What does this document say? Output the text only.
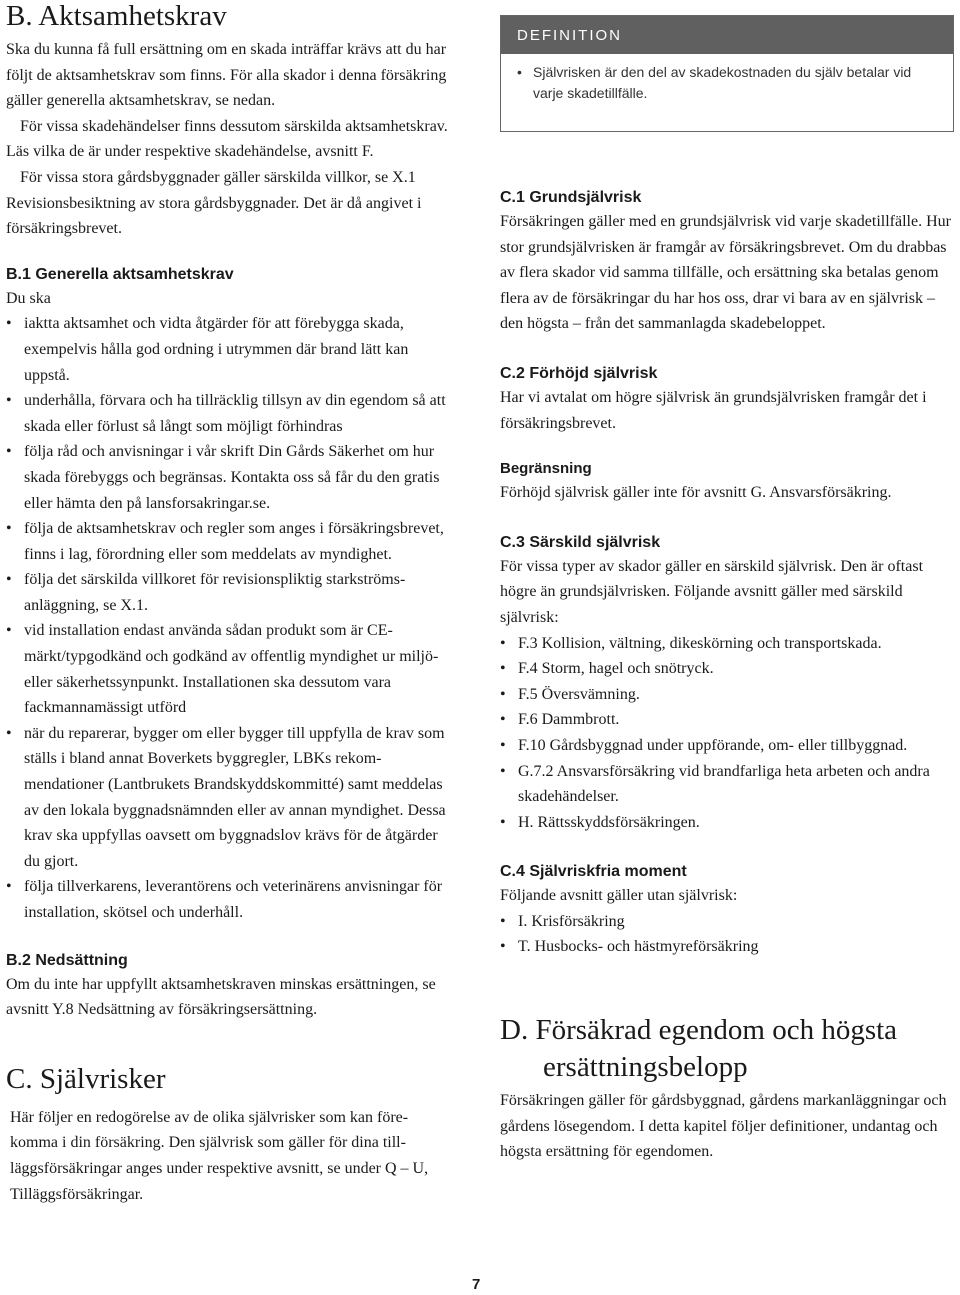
B. Aktsamhetskrav

Ska du kunna få full ersättning om en skada inträffar krävs att du har följt de aktsamhetskrav som finns. För alla skador i denna försäkring gäller generella aktsamhetskrav, se nedan.

För vissa skadehändelser finns dessutom särskilda aktsamhetskrav. Läs vilka de är under respektive skadehändelse, avsnitt F.

För vissa stora gårdsbyggnader gäller särskilda villkor, se X.1 Revisionsbesiktning av stora gårdsbyggnader. Det är då angivet i försäkringsbrevet.

B.1 Generella aktsamhetskrav

Du ska

• iaktta aktsamhet och vidta åtgärder för att förebygga skada, exempelvis hålla god ordning i utrymmen där brand lätt kan uppstå.
• underhålla, förvara och ha tillräcklig tillsyn av din egendom så att skada eller förlust så långt som möjligt förhindras
• följa råd och anvisningar i vår skrift Din Gårds Säkerhet om hur skada förebyggs och begränsas. Kontakta oss så får du den gratis eller hämta den på lansforsakringar.se.
• följa de aktsamhetskrav och regler som anges i försäkringsbrevet, finns i lag, förordning eller som meddelats av myndighet.
• följa det särskilda villkoret för revisionspliktig starkströmsanläggning, se X.1.
• vid installation endast använda sådan produkt som är CE-märkt/typgodkänd och godkänd av offentlig myndighet ur miljö- eller säkerhetssynpunkt. Installationen ska dessutom vara fackmannamässigt utförd
• när du reparerar, bygger om eller bygger till uppfylla de krav som ställs i bland annat Boverkets byggregler, LBKs rekommendationer (Lantbrukets Brandskyddskommitté) samt meddelas av den lokala byggnadsnämnden eller av annan myndighet. Dessa krav ska uppfyllas oavsett om byggnadslov krävs för de åtgärder du gjort.
• följa tillverkarens, leverantörens och veterinärens anvisningar för installation, skötsel och underhåll.
B.2 Nedsättning

Om du inte har uppfyllt aktsamhetskraven minskas ersättningen, se avsnitt Y.8 Nedsättning av försäkringsersättning.

C. Självrisker

Här följer en redogörelse av de olika självrisker som kan förekomma i din försäkring. Den självrisk som gäller för dina tillläggsförsäkringar anges under respektive avsnitt, se under Q – U, Tilläggsförsäkringar.

DEFINITION
• Självrisken är den del av skadekostnaden du själv betalar vid varje skadetillfälle.
C.1 Grundsjälvrisk

Försäkringen gäller med en grundsjälvrisk vid varje skadetillfälle. Hur stor grundsjälvrisken är framgår av försäkringsbrevet. Om du drabbas av flera skador vid samma tillfälle, och ersättning ska betalas genom flera av de försäkringar du har hos oss, drar vi bara av en självrisk – den högsta – från det sammanlagda skadebeloppet.

C.2 Förhöjd självrisk

Har vi avtalat om högre självrisk än grundsjälvrisken framgår det i försäkringsbrevet.

Begränsning

Förhöjd självrisk gäller inte för avsnitt G. Ansvarsförsäkring.

C.3 Särskild självrisk

För vissa typer av skador gäller en särskild självrisk. Den är oftast högre än grundsjälvrisken. Följande avsnitt gäller med särskild självrisk:

• F.3 Kollision, vältning, dikeskörning och transportskada.
• F.4 Storm, hagel och snötryck.
• F.5 Översvämning.
• F.6 Dammbrott.
• F.10 Gårdsbyggnad under uppförande, om- eller tillbyggnad.
• G.7.2 Ansvarsförsäkring vid brandfarliga heta arbeten och andra skadehändelser.
• H. Rättsskyddsförsäkringen.
C.4 Självriskfria moment

Följande avsnitt gäller utan självrisk:

• I. Krisförsäkring
• T. Husbocks- och hästmyreförsäkring
D. Försäkrad egendom och högsta
ersättningsbelopp

Försäkringen gäller för gårdsbyggnad, gårdens markanläggningar och gårdens lösegendom. I detta kapitel följer definitioner, undantag och högsta ersättning för egendomen.

7
